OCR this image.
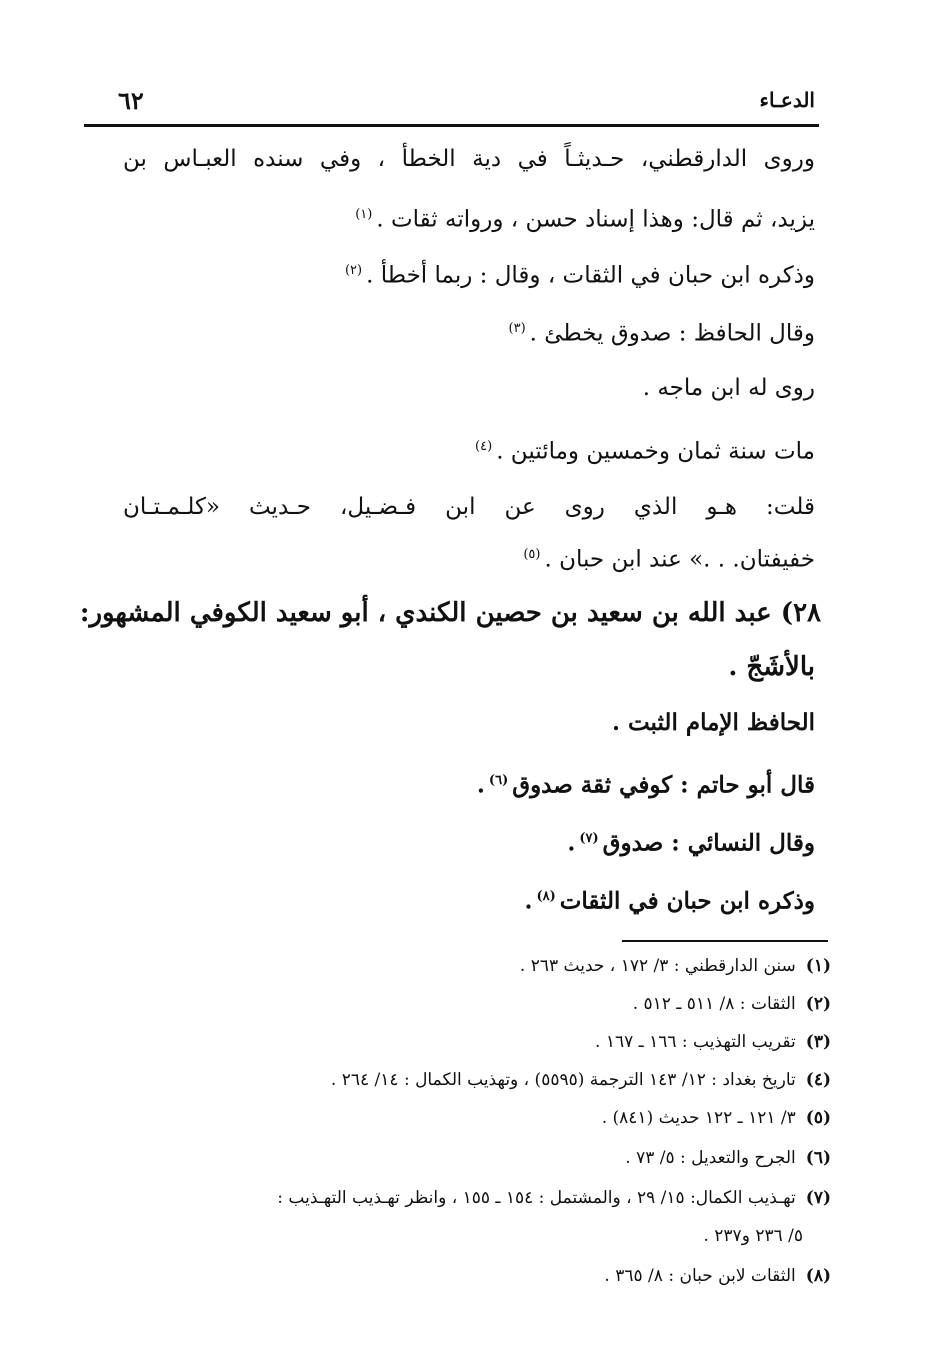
الدعـاء
٦٢
وروى الدارقطني، حـديثـاً في دية الخطأ ، وفي سنده العبـاس بن
يزيد، ثم قال: وهذا إسناد حسن ، ورواته ثقات .$^{(١)}$
وذكره ابن حبان في الثقات ، وقال : ربما أخطأ .$^{(٢)}$
وقال الحافظ : صدوق يخطئ .$^{(٣)}$
روى له ابن ماجه .
مات سنة ثمان وخمسين ومائتين .$^{(٤)}$
قلت: هـو الذي روى عن ابن فـضـيل، حـديث «كلـمـتـان
خفيفتان. . .» عند ابن حبان .$^{(٥)}$
٢٨) عبد الله بن سعيد بن حصين الكندي ، أبو سعيد الكوفي المشهور:
بالأشَجّ .
الحافظ الإمام الثبت .
قال أبو حاتم : كوفي ثقة صدوق$^{(٦)}$.
وقال النسائي : صدوق$^{(٧)}$.
وذكره ابن حبان في الثقات$^{(٨)}$.
(١)سنن الدارقطني : ٣/ ١٧٢ ، حديث ٢٦٣ .
(٢)الثقات : ٨/ ٥١١ ـ ٥١٢ .
(٣)تقريب التهذيب : ١٦٦ ـ ١٦٧ .
(٤)تاريخ بغداد : ١٢/ ١٤٣ الترجمة (٥٥٩٥) ، وتهذيب الكمال : ١٤/ ٢٦٤ .
(٥)٣/ ١٢١ ـ ١٢٢ حديث (٨٤١) .
(٦)الجرح والتعديل : ٥/ ٧٣ .
(٧)تهـذيب الكمال: ١٥/ ٢٩ ، والمشتمل : ١٥٤ ـ ١٥٥ ، وانظر تهـذيب التهـذيب :
٥/ ٢٣٦ و٢٣٧ .
(٨)الثقات لابن حبان : ٨/ ٣٦٥ .
